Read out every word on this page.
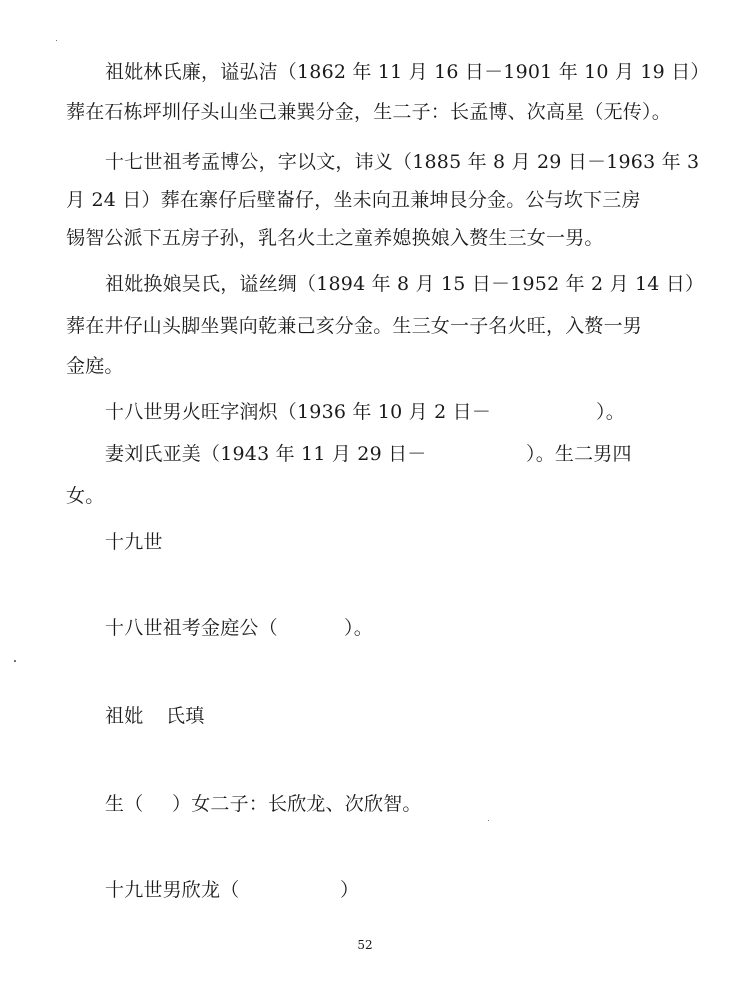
祖妣林氏廉，谥弘洁（1862 年 11 月 16 日－1901 年 10 月 19 日）
葬在石栋坪圳仔头山坐己兼巽分金，生二子：长孟博、次高星（无传）。
十七世祖考孟博公，字以文，讳义（1885 年 8 月 29 日－1963 年 3
月 24 日）葬在寨仔后壁崙仔，坐未向丑兼坤艮分金。公与坎下三房
锡智公派下五房子孙，乳名火土之童养媳换娘入赘生三女一男。
祖妣换娘吴氏，谥丝绸（1894 年 8 月 15 日－1952 年 2 月 14 日）
葬在井仔山头脚坐巽向乾兼己亥分金。生三女一子名火旺，入赘一男
金庭。
十八世男火旺字润炽（1936 年 10 月 2 日－	）。
妻刘氏亚美（1943 年 11 月 29 日－	）。生二男四
女。
十九世
十八世祖考金庭公（	）。
祖妣 氏瑱
生（ ）女二子：长欣龙、次欣智。
十九世男欣龙（	）
52
